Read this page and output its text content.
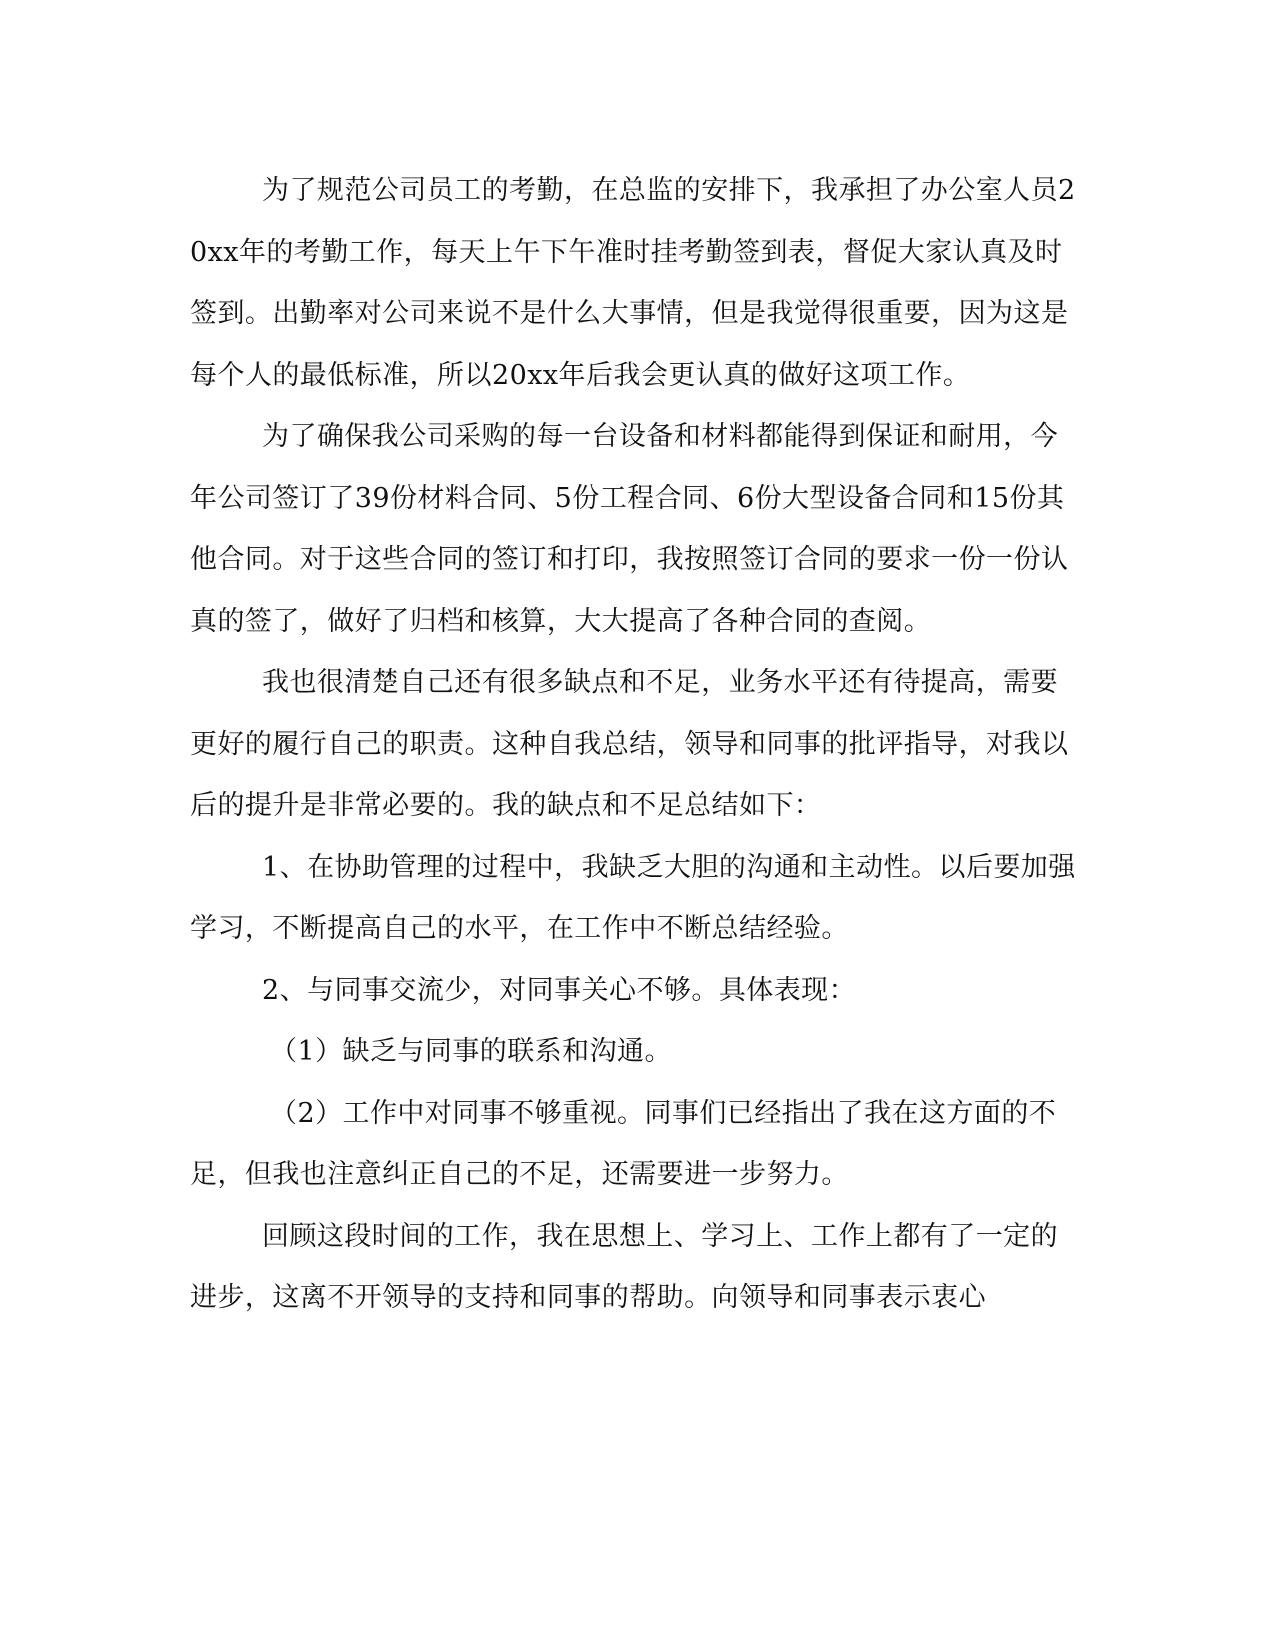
为了规范公司员工的考勤，在总监的安排下，我承担了办公室人员20xx年的考勤工作，每天上午下午准时挂考勤签到表，督促大家认真及时签到。出勤率对公司来说不是什么大事情，但是我觉得很重要，因为这是每个人的最低标准，所以20xx年后我会更认真的做好这项工作。

为了确保我公司采购的每一台设备和材料都能得到保证和耐用，今年公司签订了39份材料合同、5份工程合同、6份大型设备合同和15份其他合同。对于这些合同的签订和打印，我按照签订合同的要求一份一份认真的签了，做好了归档和核算，大大提高了各种合同的查阅。

我也很清楚自己还有很多缺点和不足，业务水平还有待提高，需要更好的履行自己的职责。这种自我总结，领导和同事的批评指导，对我以后的提升是非常必要的。我的缺点和不足总结如下：

1、在协助管理的过程中，我缺乏大胆的沟通和主动性。以后要加强学习，不断提高自己的水平，在工作中不断总结经验。

2、与同事交流少，对同事关心不够。具体表现：

（1）缺乏与同事的联系和沟通。

（2）工作中对同事不够重视。同事们已经指出了我在这方面的不足，但我也注意纠正自己的不足，还需要进一步努力。

回顾这段时间的工作，我在思想上、学习上、工作上都有了一定的进步，这离不开领导的支持和同事的帮助。向领导和同事表示衷心
